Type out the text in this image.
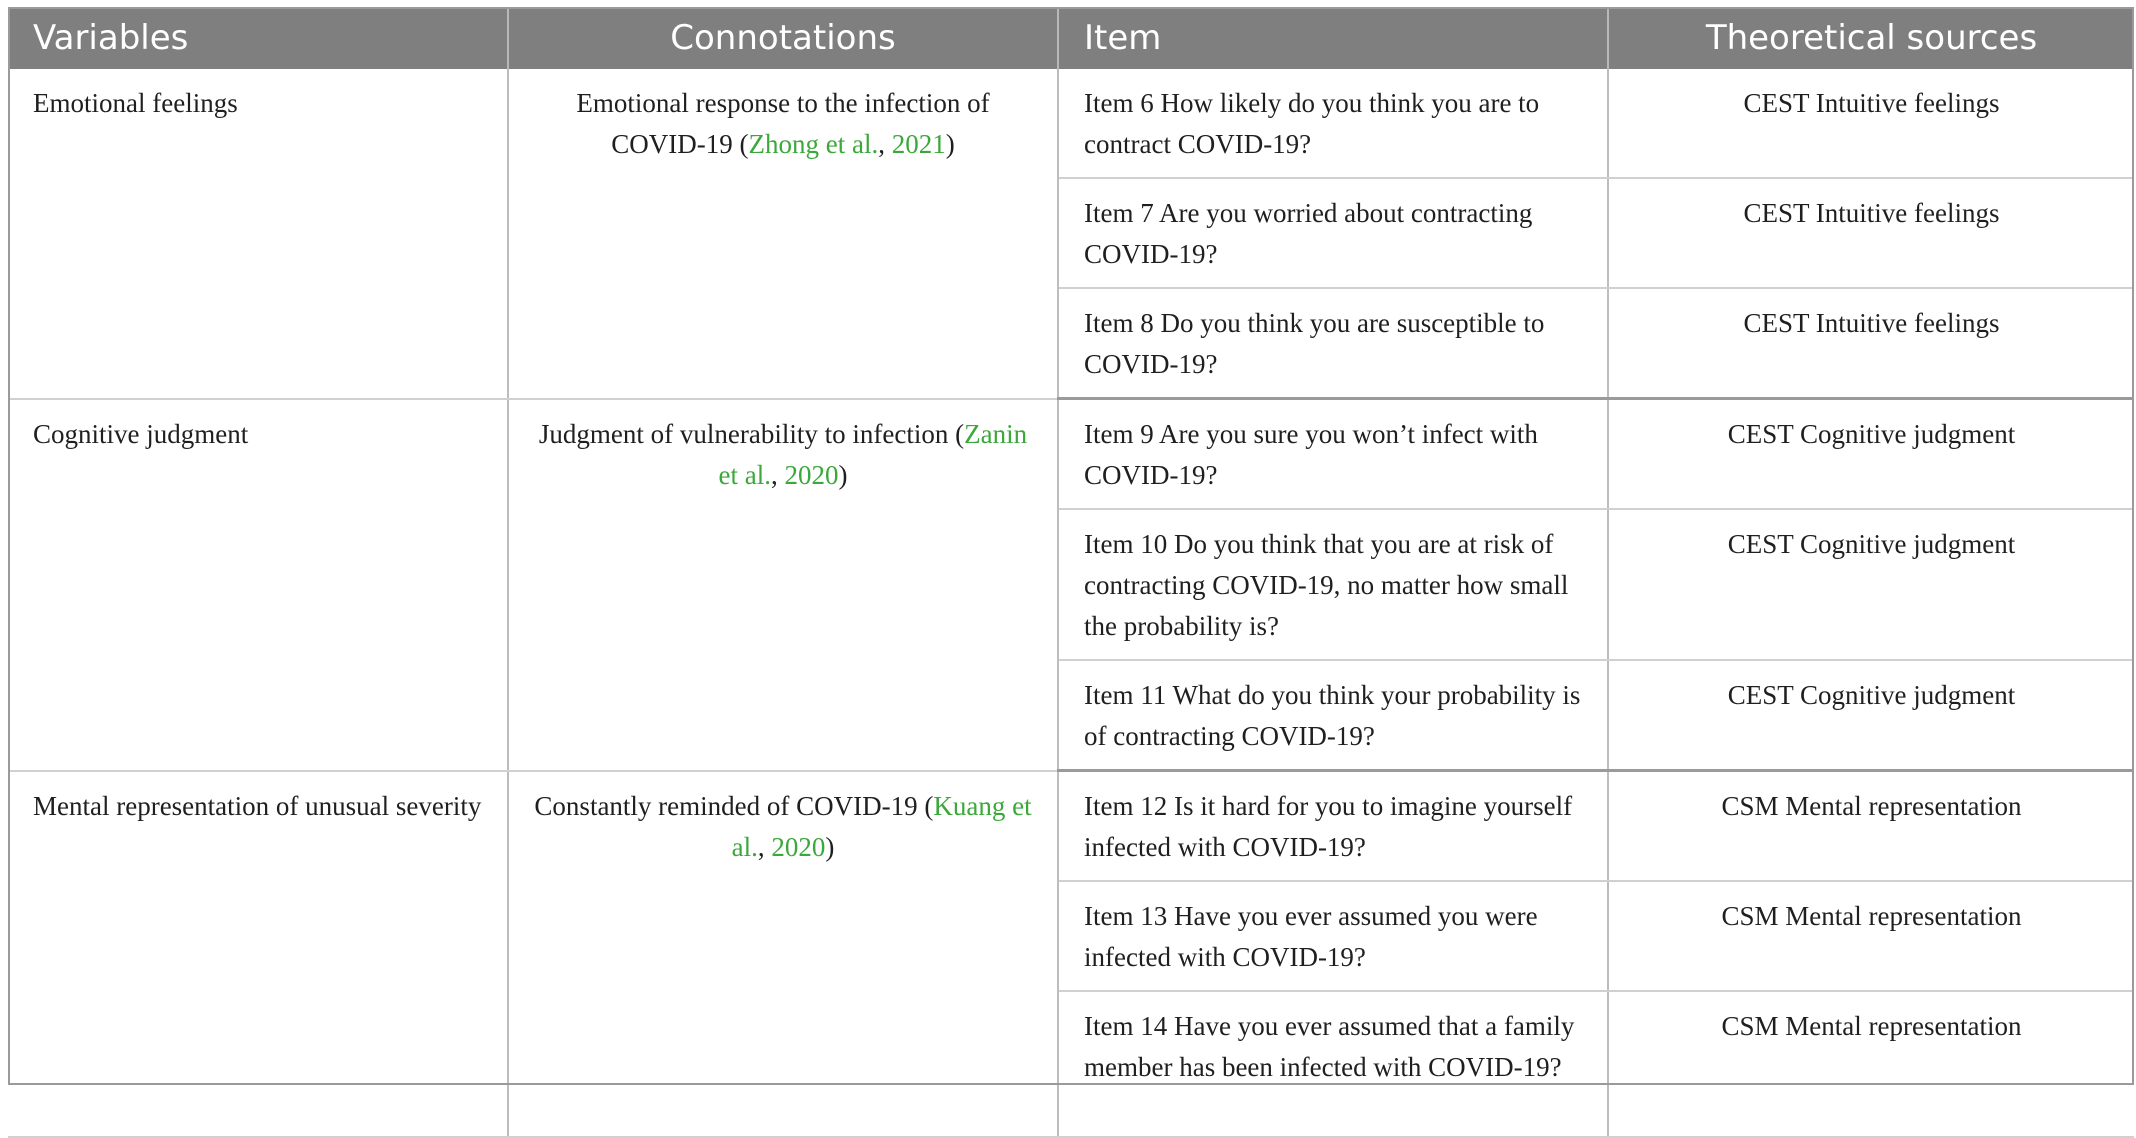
Variables	Connotations	Item	Theoretical sources
Emotional feelings	Emotional response to the infection of COVID-19 (Zhong et al., 2021)	Item 6 How likely do you think you are to contract COVID-19?	CEST Intuitive feelings
		Item 7 Are you worried about contracting COVID-19?	CEST Intuitive feelings
		Item 8 Do you think you are susceptible to COVID-19?	CEST Intuitive feelings
Cognitive judgment	Judgment of vulnerability to infection (Zanin et al., 2020)	Item 9 Are you sure you won’t infect with COVID-19?	CEST Cognitive judgment
		Item 10 Do you think that you are at risk of contracting COVID-19, no matter how small the probability is?	CEST Cognitive judgment
		Item 11 What do you think your probability is of contracting COVID-19?	CEST Cognitive judgment
Mental representation of unusual severity	Constantly reminded of COVID-19 (Kuang et al., 2020)	Item 12 Is it hard for you to imagine yourself infected with COVID-19?	CSM Mental representation
		Item 13 Have you ever assumed you were infected with COVID-19?	CSM Mental representation
		Item 14 Have you ever assumed that a family member has been infected with COVID-19?	CSM Mental representation
